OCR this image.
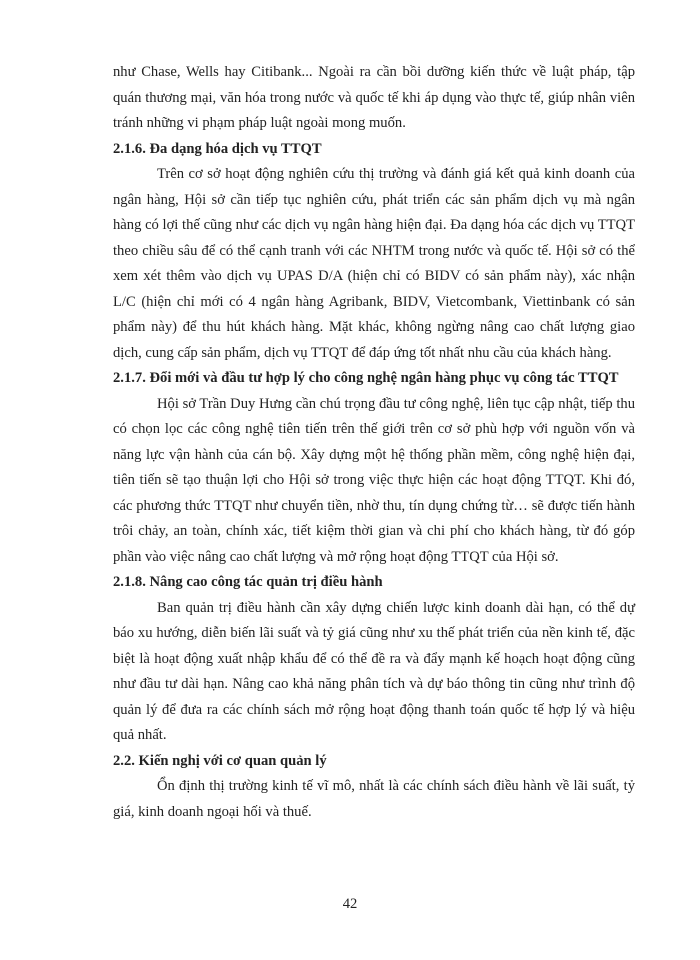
như Chase, Wells hay Citibank... Ngoài ra cần bồi dưỡng kiến thức về luật pháp, tập quán thương mại, văn hóa trong nước và quốc tế khi áp dụng vào thực tế, giúp nhân viên tránh những vi phạm pháp luật ngoài mong muốn.

2.1.6. Đa dạng hóa dịch vụ TTQT

Trên cơ sở hoạt động nghiên cứu thị trường và đánh giá kết quả kinh doanh của ngân hàng, Hội sở cần tiếp tục nghiên cứu, phát triển các sản phẩm dịch vụ mà ngân hàng có lợi thế cũng như các dịch vụ ngân hàng hiện đại. Đa dạng hóa các dịch vụ TTQT theo chiều sâu để có thể cạnh tranh với các NHTM trong nước và quốc tế. Hội sở có thể xem xét thêm vào dịch vụ UPAS D/A (hiện chỉ có BIDV có sản phẩm này), xác nhận L/C (hiện chỉ mới có 4 ngân hàng Agribank, BIDV, Vietcombank, Viettinbank có sản phẩm này) để thu hút khách hàng. Mặt khác, không ngừng nâng cao chất lượng giao dịch, cung cấp sản phẩm, dịch vụ TTQT để đáp ứng tốt nhất nhu cầu của khách hàng.

2.1.7. Đổi mới và đầu tư hợp lý cho công nghệ ngân hàng phục vụ công tác TTQT

Hội sở Trần Duy Hưng cần chú trọng đầu tư công nghệ, liên tục cập nhật, tiếp thu có chọn lọc các công nghệ tiên tiến trên thế giới trên cơ sở phù hợp với nguồn vốn và năng lực vận hành của cán bộ. Xây dựng một hệ thống phần mềm, công nghệ hiện đại, tiên tiến sẽ tạo thuận lợi cho Hội sở trong việc thực hiện các hoạt động TTQT. Khi đó, các phương thức TTQT như chuyển tiền, nhờ thu, tín dụng chứng từ… sẽ được tiến hành trôi chảy, an toàn, chính xác, tiết kiệm thời gian và chi phí cho khách hàng, từ đó góp phần vào việc nâng cao chất lượng và mở rộng hoạt động TTQT của Hội sở.

2.1.8. Nâng cao công tác quản trị điều hành

Ban quản trị điều hành cần xây dựng chiến lược kinh doanh dài hạn, có thể dự báo xu hướng, diễn biến lãi suất và tỷ giá cũng như xu thế phát triển của nền kinh tế, đặc biệt là hoạt động xuất nhập khẩu để có thể đề ra và đẩy mạnh kế hoạch hoạt động cũng như đầu tư dài hạn. Nâng cao khả năng phân tích và dự báo thông tin cũng như trình độ quản lý để đưa ra các chính sách mở rộng hoạt động thanh toán quốc tế hợp lý và hiệu quả nhất.

2.2. Kiến nghị với cơ quan quản lý

Ổn định thị trường kinh tế vĩ mô, nhất là các chính sách điều hành về lãi suất, tỷ giá, kinh doanh ngoại hối và thuế.

42
